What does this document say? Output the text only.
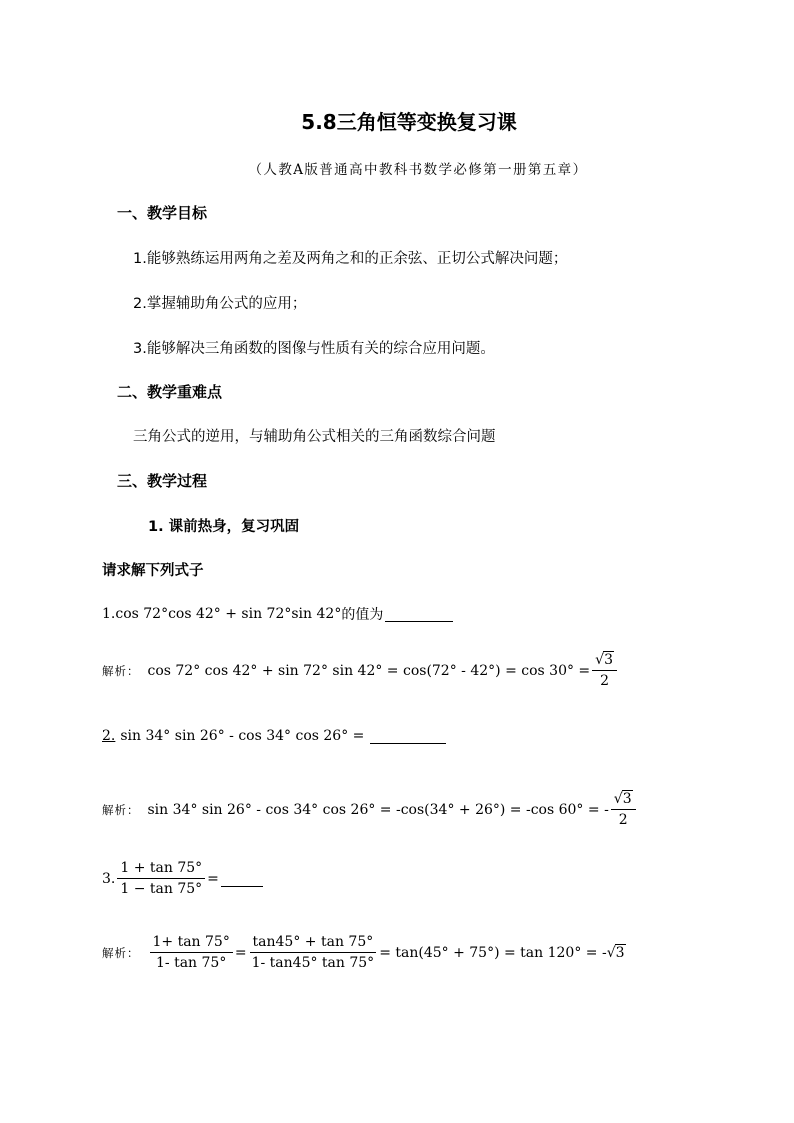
5.8三角恒等变换复习课
（人教A版普通高中教科书数学必修第一册第五章）
一、教学目标
1.能够熟练运用两角之差及两角之和的正余弦、正切公式解决问题；
2.掌握辅助角公式的应用；
3.能够解决三角函数的图像与性质有关的综合应用问题。
二、教学重难点
三角公式的逆用，与辅助角公式相关的三角函数综合问题
三、教学过程
1. 课前热身，复习巩固
请求解下列式子
1. cos 72°cos 42° + sin 72°sin 42° 的值为
解析： cos 72° cos 42° + sin 72° $\sin 42^\circ = \cos(72^\circ - 42^\circ) = \cos 30^\circ = \frac{√3}{2}$
2. sin 34° sin 26° - cos 34° cos 26° =
解析： sin 34° sin 26° - cos 34° cos 26° = -cos(34° + 26°) = -cos 60° = - $\frac{√3}{2}$
3. $\frac{1 + \tan 75^\circ}{1 - \tan 75^\circ}$ =
解析： $\frac{1+ \tan 75^\circ}{1- \tan 75^\circ} = \frac{\tan 45^\circ + \tan 75^\circ}{1- \tan 45^\circ \tan 75^\circ} = \tan(45^\circ + 75^\circ) = \tan 120^\circ$ = - √3
